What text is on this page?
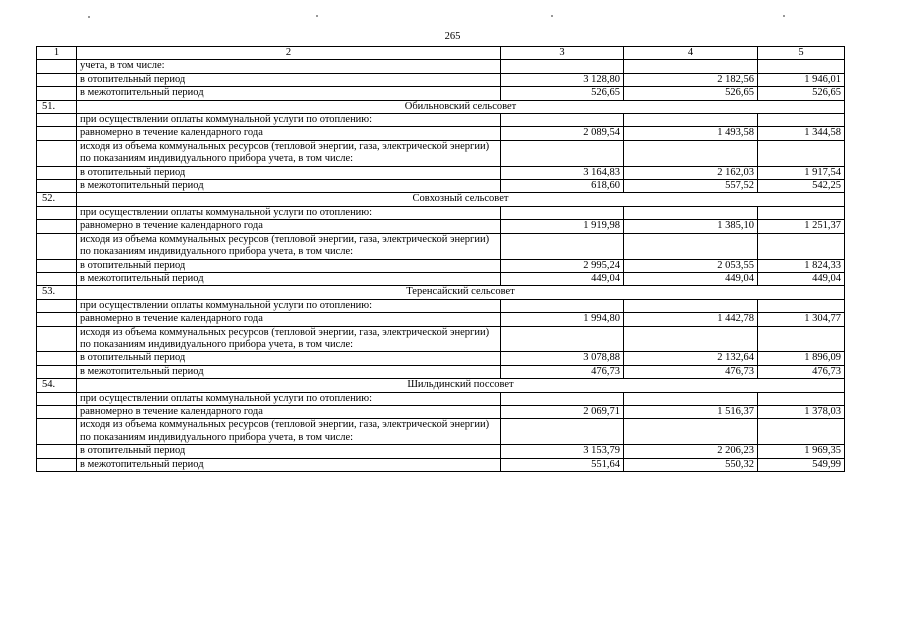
265
1	2	3	4	5
	учета, в том числе:			
	в отопительный период	3 128,80	2 182,56	1 946,01
	в межотопительный период	526,65	526,65	526,65
51.	Обильновский сельсовет			
	при осуществлении оплаты коммунальной услуги по отоплению:			
	равномерно в течение календарного года	2 089,54	1 493,58	1 344,58
	исходя из объема коммунальных ресурсов (тепловой энергии, газа, электрической энергии) по показаниям индивидуального прибора учета, в том числе:			
	в отопительный период	3 164,83	2 162,03	1 917,54
	в межотопительный период	618,60	557,52	542,25
52.	Совхозный сельсовет			
	при осуществлении оплаты коммунальной услуги по отоплению:			
	равномерно в течение календарного года	1 919,98	1 385,10	1 251,37
	исходя из объема коммунальных ресурсов (тепловой энергии, газа, электрической энергии) по показаниям индивидуального прибора учета, в том числе:			
	в отопительный период	2 995,24	2 053,55	1 824,33
	в межотопительный период	449,04	449,04	449,04
53.	Теренсайский сельсовет			
	при осуществлении оплаты коммунальной услуги по отоплению:			
	равномерно в течение календарного года	1 994,80	1 442,78	1 304,77
	исходя из объема коммунальных ресурсов (тепловой энергии, газа, электрической энергии) по показаниям индивидуального прибора учета, в том числе:			
	в отопительный период	3 078,88	2 132,64	1 896,09
	в межотопительный период	476,73	476,73	476,73
54.	Шильдинский поссовет			
	при осуществлении оплаты коммунальной услуги по отоплению:			
	равномерно в течение календарного года	2 069,71	1 516,37	1 378,03
	исходя из объема коммунальных ресурсов (тепловой энергии, газа, электрической энергии) по показаниям индивидуального прибора учета, в том числе:			
	в отопительный период	3 153,79	2 206,23	1 969,35
	в межотопительный период	551,64	550,32	549,99
